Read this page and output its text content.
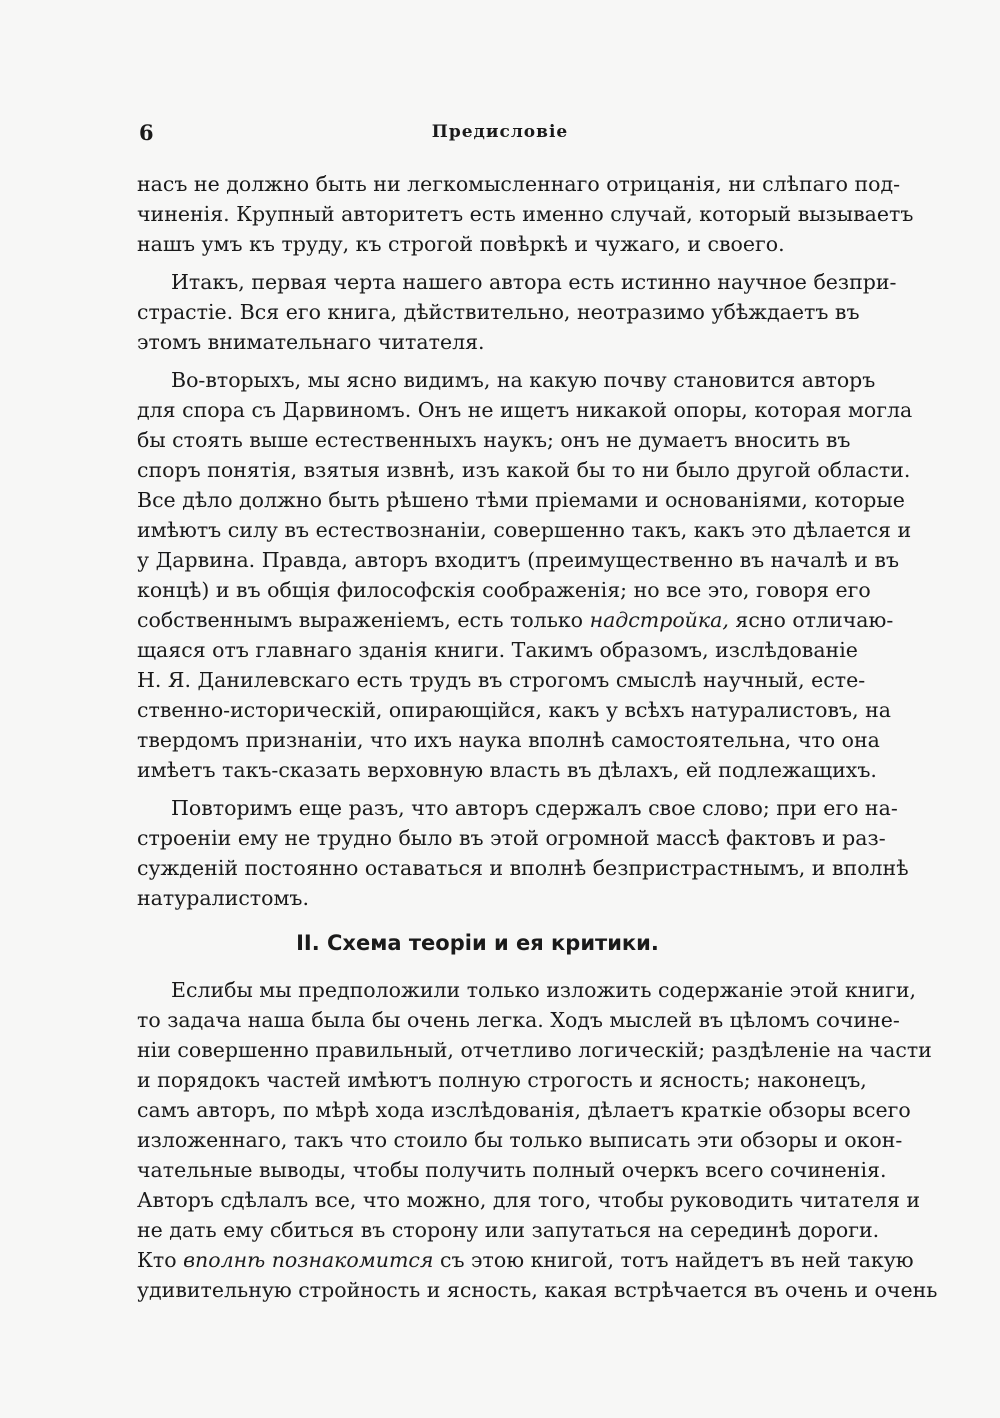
6	Предисловiе
насъ не должно быть ни легкомысленнаго отрицанiя, ни слѣпаго под-
чиненiя. Крупный авторитетъ есть именно случай, который вызываетъ
нашъ умъ къ труду, къ строгой повѣркѣ и чужаго, и своего.
Итакъ, первая черта нашего автора есть истинно научное безпри-
страстiе. Вся его книга, дѣйствительно, неотразимо убѣждаетъ въ
этомъ внимательнаго читателя.
Во-вторыхъ, мы ясно видимъ, на какую почву становится авторъ
для спора съ Дарвиномъ. Онъ не ищетъ никакой опоры, которая могла
бы стоять выше естественныхъ наукъ; онъ не думаетъ вносить въ
споръ понятiя, взятыя извнѣ, изъ какой бы то ни было другой области.
Все дѣло должно быть рѣшено тѣми прiемами и основанiями, которые
имѣютъ силу въ естествознанiи, совершенно такъ, какъ это дѣлается и
у Дарвина. Правда, авторъ входитъ (преимущественно въ началѣ и въ
концѣ) и въ общiя философскiя соображенiя; но все это, говоря его
собственнымъ выраженiемъ, есть только надстройка, ясно отличаю-
щаяся отъ главнаго зданiя книги. Такимъ образомъ, изслѣдованiе
Н. Я. Данилевскаго есть трудъ въ строгомъ смыслѣ научный, есте-
ственно-историческiй, опирающiйся, какъ у всѣхъ натуралистовъ, на
твердомъ признанiи, что ихъ наука вполнѣ самостоятельна, что она
имѣетъ такъ-сказать верховную власть въ дѣлахъ, ей подлежащихъ.
Повторимъ еще разъ, что авторъ сдержалъ свое слово; при его на-
строенiи ему не трудно было въ этой огромной массѣ фактовъ и раз-
сужденiй постоянно оставаться и вполнѣ безпристрастнымъ, и вполнѣ
натуралистомъ.
II. Схема теорiи и ея критики.
Еслибы мы предположили только изложить содержанiе этой книги,
то задача наша была бы очень легка. Ходъ мыслей въ цѣломъ сочине-
нiи совершенно правильный, отчетливо логическiй; раздѣленiе на части
и порядокъ частей имѣютъ полную строгость и ясность; наконецъ,
самъ авторъ, по мѣрѣ хода изслѣдованiя, дѣлаетъ краткiе обзоры всего
изложеннаго, такъ что стоило бы только выписать эти обзоры и окон-
чательные выводы, чтобы получить полный очеркъ всего сочиненiя.
Авторъ сдѣлалъ все, что можно, для того, чтобы руководить читателя и
не дать ему сбиться въ сторону или запутаться на серединѣ дороги.
Кто вполнѣ познакомится съ этою книгой, тотъ найдетъ въ ней такую
удивительную стройность и ясность, какая встрѣчается въ очень и очень
